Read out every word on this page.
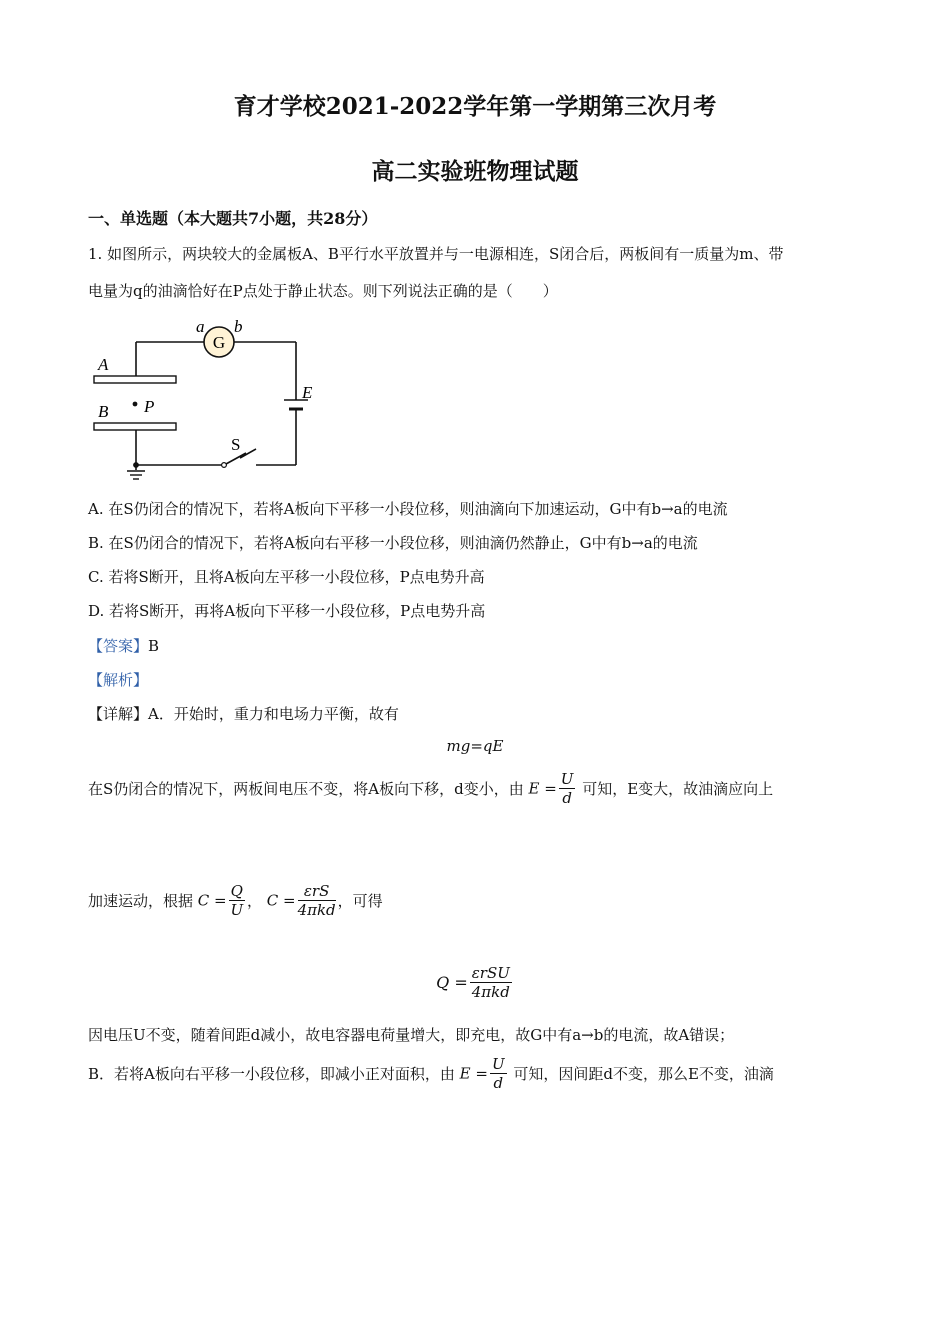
育才学校2021-2022学年第一学期第三次月考
高二实验班物理试题
一、单选题（本大题共7小题，共28分）
1. 如图所示，两块较大的金属板A、B平行水平放置并与一电源相连，S闭合后，两板间有一质量为m、带
电量为q的油滴恰好在P点处于静止状态。则下列说法正确的是（　　）
G
a b
A
B P
E
S
A. 在S仍闭合的情况下，若将A板向下平移一小段位移，则油滴向下加速运动，G中有b→a的电流
B. 在S仍闭合的情况下，若将A板向右平移一小段位移，则油滴仍然静止，G中有b→a的电流
C. 若将S断开，且将A板向左平移一小段位移，P点电势升高
D. 若将S断开，再将A板向下平移一小段位移，P点电势升高
【答案】B
【解析】
【详解】A．开始时，重力和电场力平衡，故有
mg=qE
在S仍闭合的情况下，两板间电压不变，将A板向下移，d变小，由 $E = \frac{U}{d}$ 可知，E变大，故油滴应向上
加速运动，根据 $C = \frac{Q}{U}$ ， $C = \frac{\text{εrS}}{\text{4πkd}}$ ，可得
$Q = \frac{\text{εrSU}}{\text{4πkd}}$
因电压U不变，随着间距d减小，故电容器电荷量增大，即充电，故G中有a→b的电流，故A错误；
B．若将A板向右平移一小段位移，即减小正对面积，由 $E = \frac{U}{d}$ 可知，因间距d不变，那么E不变，油滴
